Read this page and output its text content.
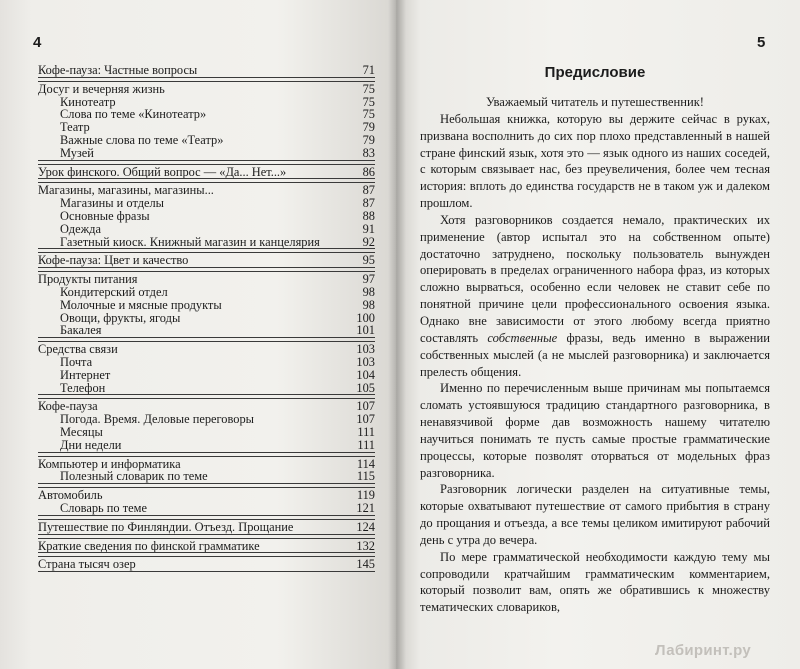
4	5
Кофе-пауза: Частные вопросы	71
Досуг и вечерняя жизнь	75
Кинотеатр	75
Слова по теме «Кинотеатр»	75
Театр	79
Важные слова по теме «Театр»	79
Музей	83
Урок финского. Общий вопрос — «Да... Нет...»	86
Магазины, магазины, магазины...	87
Магазины и отделы	87
Основные фразы	88
Одежда	91
Газетный киоск. Книжный магазин и канцелярия	92
Кофе-пауза: Цвет и качество	95
Продукты питания	97
Кондитерский отдел	98
Молочные и мясные продукты	98
Овощи, фрукты, ягоды	100
Бакалея	101
Средства связи	103
Почта	103
Интернет	104
Телефон	105
Кофе-пауза	107
Погода. Время. Деловые переговоры	107
Месяцы	111
Дни недели	111
Компьютер и информатика	114
Полезный словарик по теме	115
Автомобиль	119
Словарь по теме	121
Путешествие по Финляндии. Отъезд. Прощание	124
Краткие сведения по финской грамматике	132
Страна тысяч озер	145
Предисловие

Уважаемый читатель и путешественник!

Небольшая книжка, которую вы держите сейчас в руках, призвана восполнить до сих пор плохо представленный в нашей стране финский язык, хотя это — язык одного из наших соседей, с которым связывает нас, без преувеличения, более чем тесная история: вплоть до единства государств не в таком уж и далеком прошлом.

Хотя разговорников создается немало, практических их применение (автор испытал это на собственном опыте) достаточно затруднено, поскольку пользователь вынужден оперировать в пределах ограниченного набора фраз, из которых сложно вырваться, особенно если человек не ставит себе по понятной причине цели профессионального освоения языка. Однако вне зависимости от этого любому всегда приятно составлять собственные фразы, ведь именно в выражении собственных мыслей (а не мыслей разговорника) и заключается прелесть общения.

Именно по перечисленным выше причинам мы попытаемся сломать устоявшуюся традицию стандартного разговорника, в ненавязчивой форме дав возможность нашему читателю научиться понимать те пусть самые простые грамматические процессы, которые позволят оторваться от модельных фраз разговорника.

Разговорник логически разделен на ситуативные темы, которые охватывают путешествие от самого прибытия в страну до прощания и отъезда, а все темы целиком имитируют рабочий день с утра до вечера.

По мере грамматической необходимости каждую тему мы сопроводили кратчайшим грамматическим комментарием, который позволит вам, опять же обратившись к множеству тематических словариков,

Лабиринт.ру
